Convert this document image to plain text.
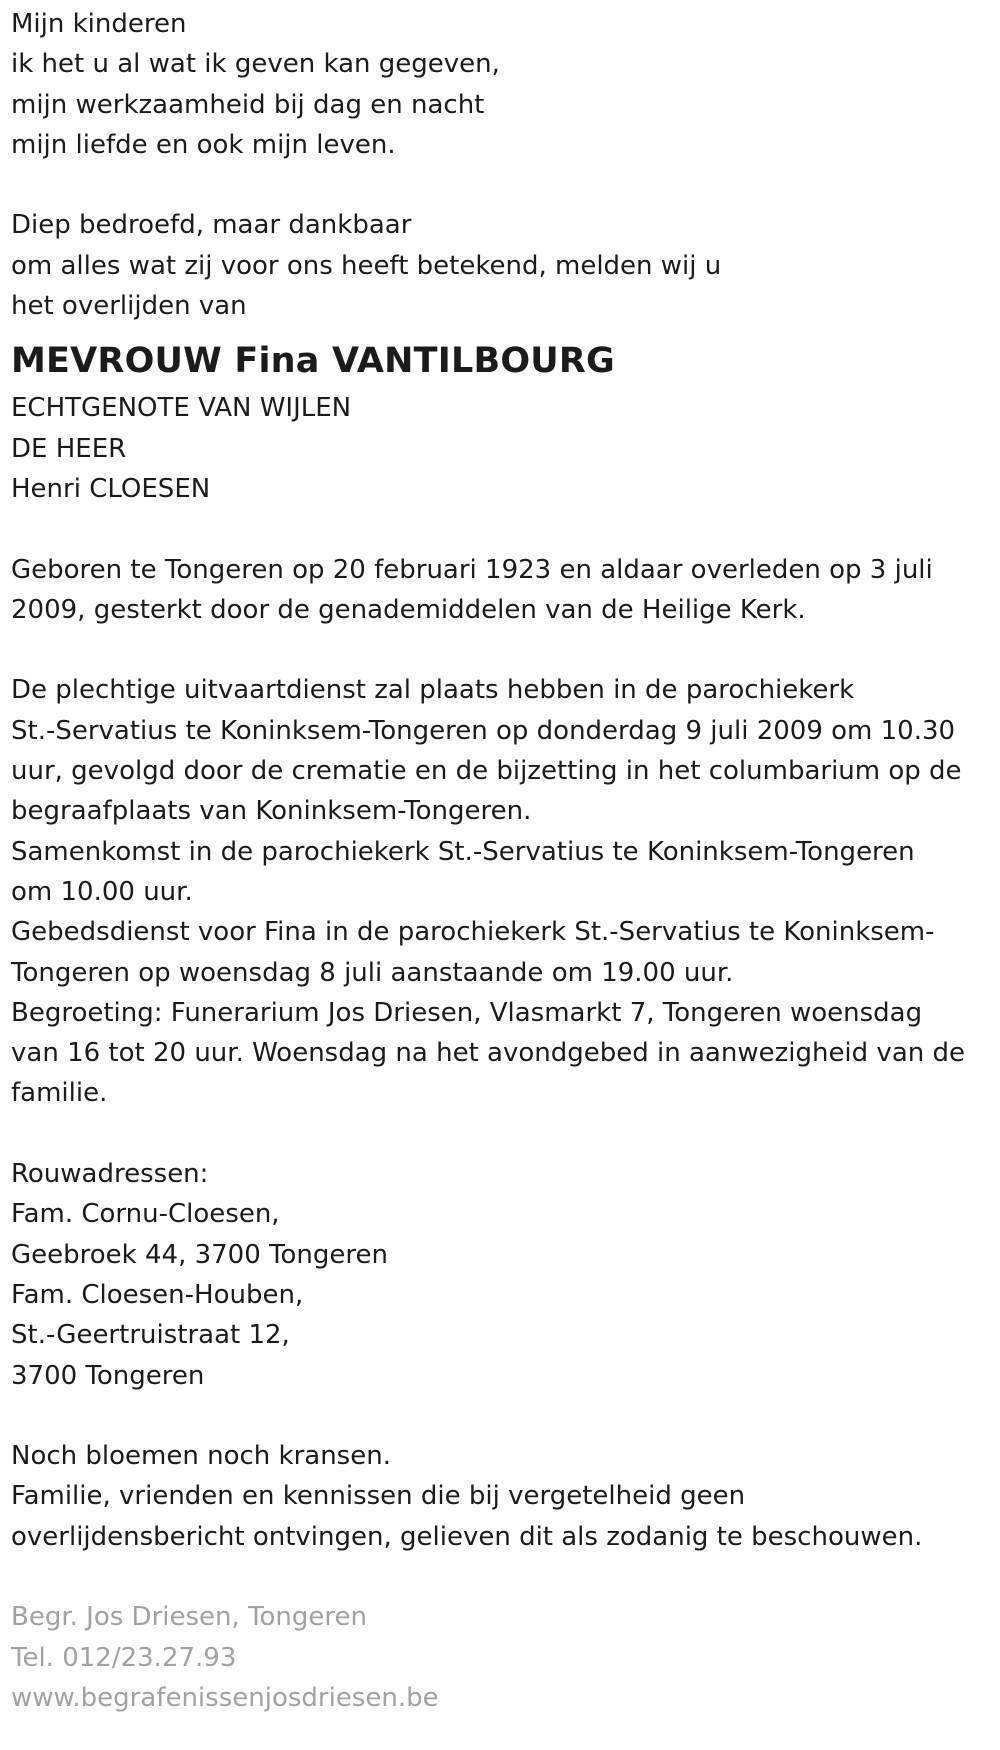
Mijn kinderen
ik het u al wat ik geven kan gegeven,
mijn werkzaamheid bij dag en nacht
mijn liefde en ook mijn leven.
Diep bedroefd, maar dankbaar
om alles wat zij voor ons heeft betekend, melden wij u
het overlijden van
MEVROUW Fina VANTILBOURG
ECHTGENOTE VAN WIJLEN
DE HEER
Henri CLOESEN
Geboren te Tongeren op 20 februari 1923 en aldaar overleden op 3 juli
2009, gesterkt door de genademiddelen van de Heilige Kerk.
De plechtige uitvaartdienst zal plaats hebben in de parochiekerk
St.-Servatius te Koninksem-Tongeren op donderdag 9 juli 2009 om 10.30
uur, gevolgd door de crematie en de bijzetting in het columbarium op de
begraafplaats van Koninksem-Tongeren.
Samenkomst in de parochiekerk St.-Servatius te Koninksem-Tongeren
om 10.00 uur.
Gebedsdienst voor Fina in de parochiekerk St.-Servatius te Koninksem-
Tongeren op woensdag 8 juli aanstaande om 19.00 uur.
Begroeting: Funerarium Jos Driesen, Vlasmarkt 7, Tongeren woensdag
van 16 tot 20 uur. Woensdag na het avondgebed in aanwezigheid van de
familie.
Rouwadressen:
Fam. Cornu-Cloesen,
Geebroek 44, 3700 Tongeren
Fam. Cloesen-Houben,
St.-Geertruistraat 12,
3700 Tongeren
Noch bloemen noch kransen.
Familie, vrienden en kennissen die bij vergetelheid geen
overlijdensbericht ontvingen, gelieven dit als zodanig te beschouwen.
Begr. Jos Driesen, Tongeren
Tel. 012/23.27.93
www.begrafenissenjosdriesen.be
